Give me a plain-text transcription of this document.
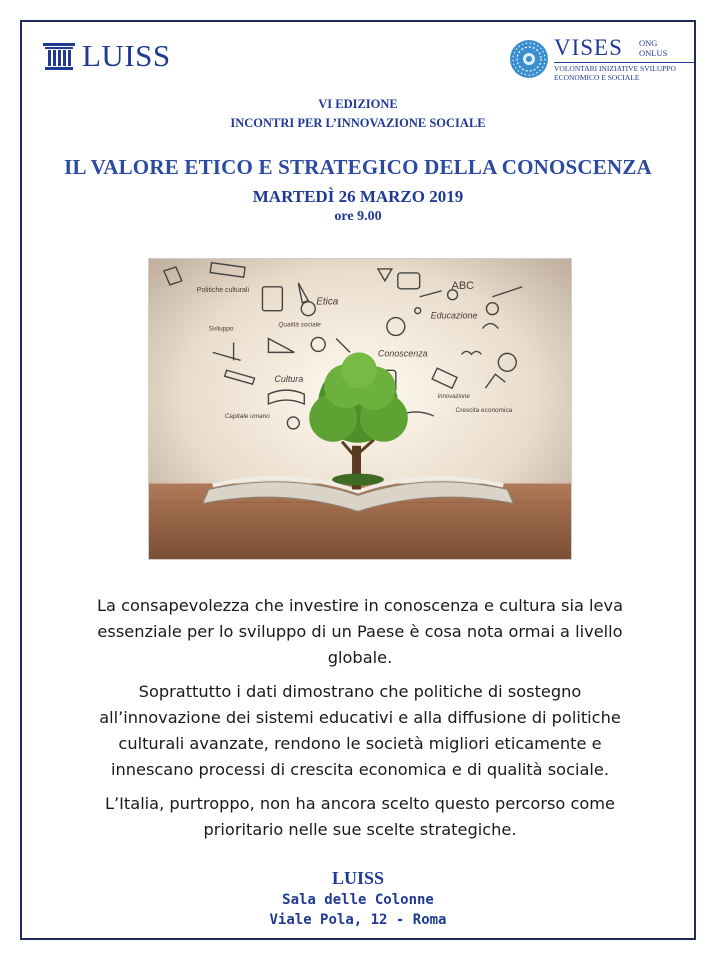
LUISS	VISES ONG
ONLUS
VOLONTARI INIZIATIVE SVILUPPO
ECONOMICO E SOCIALE
VI EDIZIONE
INCONTRI PER L’INNOVAZIONE SOCIALE
IL VALORE ETICO E STRATEGICO DELLA CONOSCENZA
MARTEDÌ 26 MARZO 2019
ore 9.00
Politiche culturali
Etica
Educazione
ABC
Sviluppo
Qualità sociale
Conoscenza
Cultura
Innovazione
Crescita economica
Capitale umano
La consapevolezza che investire in conoscenza e cultura sia leva
essenziale per lo sviluppo di un Paese è cosa nota ormai a livello
globale.
Soprattutto i dati dimostrano che politiche di sostegno
all’innovazione dei sistemi educativi e alla diffusione di politiche
culturali avanzate, rendono le società migliori eticamente e
innescano processi di crescita economica e di qualità sociale.
L’Italia, purtroppo, non ha ancora scelto questo percorso come
prioritario nelle sue scelte strategiche.
LUISS
Sala delle Colonne
Viale Pola, 12 - Roma
